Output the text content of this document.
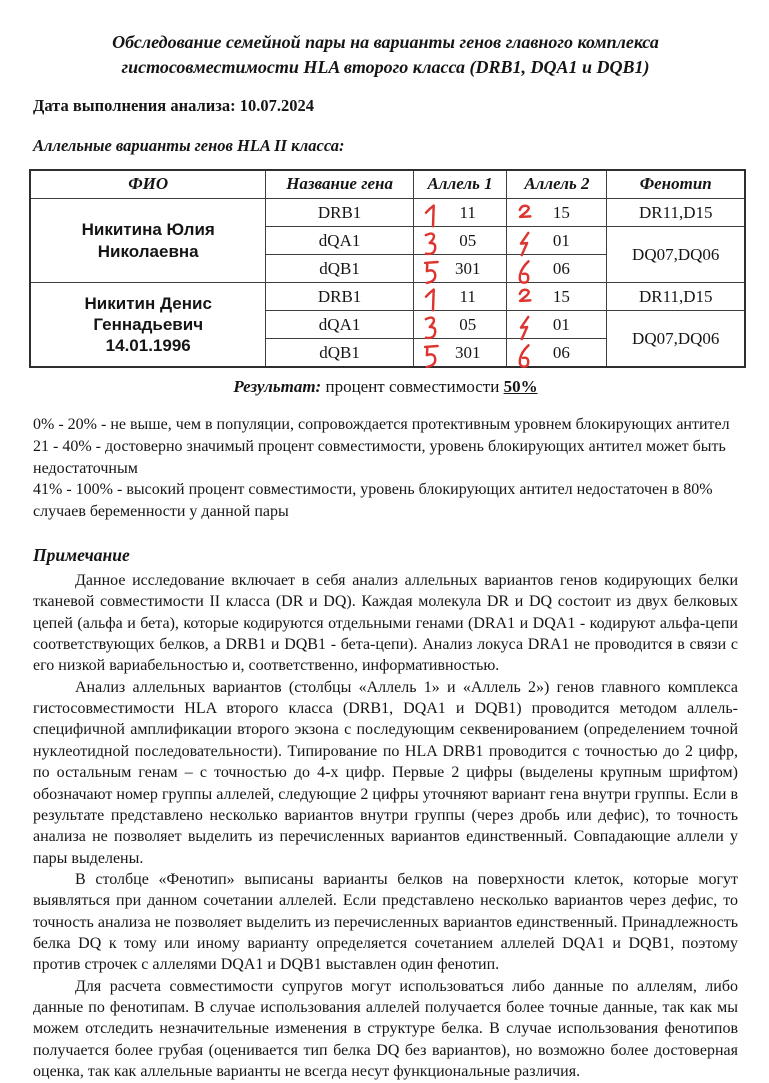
Обследование семейной пары на варианты генов главного комплекса
гистосовместимости HLA второго класса (DRB1, DQA1 и DQB1)

Дата выполнения анализа: 10.07.2024

Аллельные варианты генов HLA II класса:

ФИО	Название гена	Аллель 1	Аллель 2	Фенотип

Никитина Юлия Николаевна	DRB1	11	15	DR11,D15
	dQA1	05	01	DQ07,DQ06
	dQB1	301	06	

Никитин Денис Геннадьевич
14.01.1996	DRB1	11	15	DR11,D15
	dQA1	05	01	DQ07,DQ06
	dQB1	301	06	

Результат: процент совместимости 50%

0% - 20% - не выше, чем в популяции, сопровождается протективным уровнем блокирующих антител

21 - 40% - достоверно значимый процент совместимости, уровень блокирующих антител может быть недостаточным

41% - 100% - высокий процент совместимости, уровень блокирующих антител недостаточен в 80% случаев беременности у данной пары

Примечание

Данное исследование включает в себя анализ аллельных вариантов генов кодирующих белки тканевой совместимости II класса (DR и DQ). Каждая молекула DR и DQ состоит из двух белковых цепей (альфа и бета), которые кодируются отдельными генами (DRA1 и DQA1 - кодируют альфа-цепи соответствующих белков, а DRB1 и DQB1 - бета-цепи). Анализ локуса DRA1 не проводится в связи с его низкой вариабельностью и, соответственно, информативностью.

Анализ аллельных вариантов (столбцы «Аллель 1» и «Аллель 2») генов главного комплекса гистосовместимости HLA второго класса (DRB1, DQA1 и DQB1) проводится методом аллель-специфичной амплификации второго экзона с последующим секвенированием (определением точной нуклеотидной последовательности). Типирование по HLA DRB1 проводится с точностью до 2 цифр, по остальным генам – с точностью до 4-х цифр. Первые 2 цифры (выделены крупным шрифтом) обозначают номер группы аллелей, следующие 2 цифры уточняют вариант гена внутри группы. Если в результате представлено несколько вариантов внутри группы (через дробь или дефис), то точность анализа не позволяет выделить из перечисленных вариантов единственный. Совпадающие аллели у пары выделены.

В столбце «Фенотип» выписаны варианты белков на поверхности клеток, которые могут выявляться при данном сочетании аллелей. Если представлено несколько вариантов через дефис, то точность анализа не позволяет выделить из перечисленных вариантов единственный. Принадлежность белка DQ к тому или иному варианту определяется сочетанием аллелей DQA1 и DQB1, поэтому против строчек с аллелями DQA1 и DQB1 выставлен один фенотип.

Для расчета совместимости супругов могут использоваться либо данные по аллелям, либо данные по фенотипам. В случае использования аллелей получается более точные данные, так как мы можем отследить незначительные изменения в структуре белка. В случае использования фенотипов получается более грубая (оценивается тип белка DQ без вариантов), но возможно более достоверная оценка, так как аллельные варианты не всегда несут функциональные различия.
